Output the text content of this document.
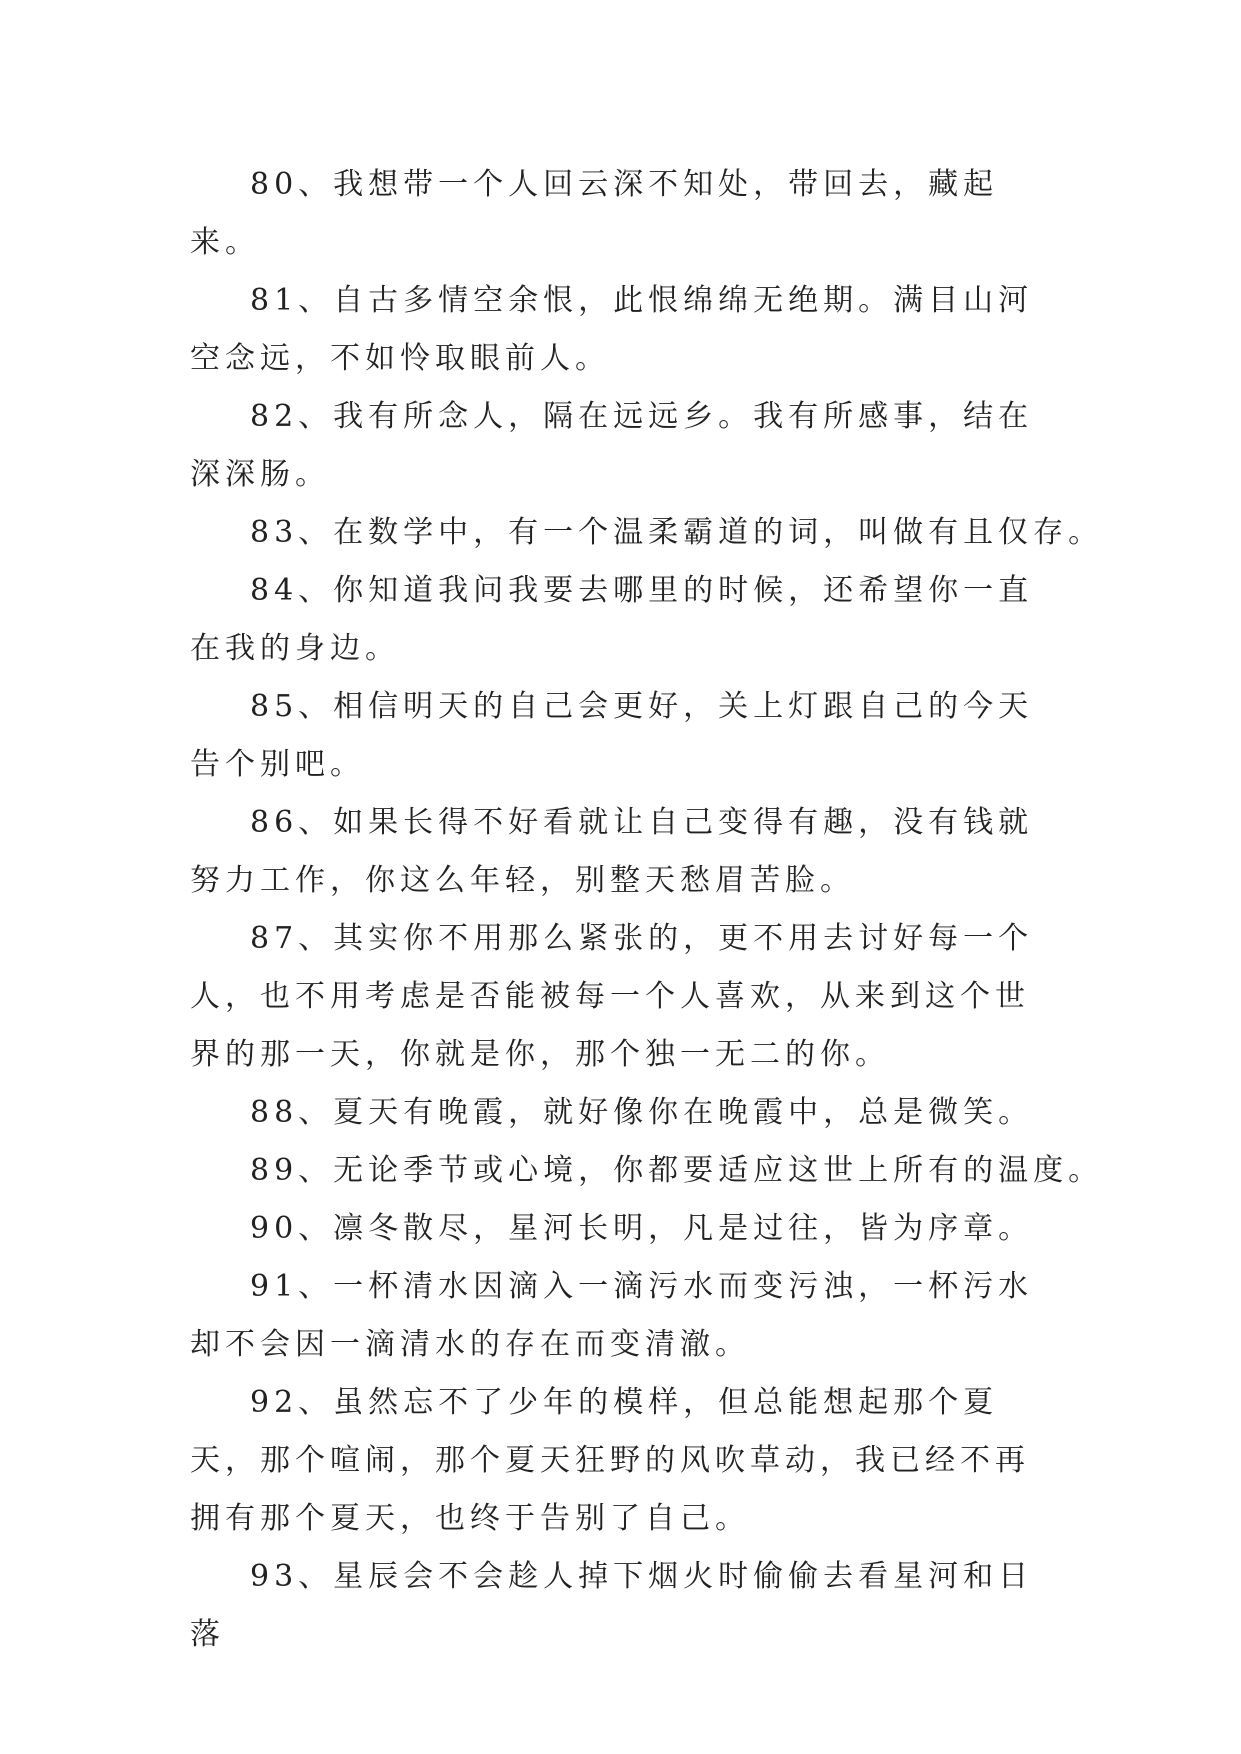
80、我想带一个人回云深不知处，带回去，藏起来。

81、自古多情空余恨，此恨绵绵无绝期。满目山河空念远，不如怜取眼前人。

82、我有所念人，隔在远远乡。我有所感事，结在深深肠。

83、在数学中，有一个温柔霸道的词，叫做有且仅存。

84、你知道我问我要去哪里的时候，还希望你一直在我的身边。

85、相信明天的自己会更好，关上灯跟自己的今天告个别吧。

86、如果长得不好看就让自己变得有趣，没有钱就努力工作，你这么年轻，别整天愁眉苦脸。

87、其实你不用那么紧张的，更不用去讨好每一个人，也不用考虑是否能被每一个人喜欢，从来到这个世界的那一天，你就是你，那个独一无二的你。

88、夏天有晚霞，就好像你在晚霞中，总是微笑。

89、无论季节或心境，你都要适应这世上所有的温度。

90、凛冬散尽，星河长明，凡是过往，皆为序章。

91、一杯清水因滴入一滴污水而变污浊，一杯污水却不会因一滴清水的存在而变清澈。

92、虽然忘不了少年的模样，但总能想起那个夏天，那个喧闹，那个夏天狂野的风吹草动，我已经不再拥有那个夏天，也终于告别了自己。

93、星辰会不会趁人掉下烟火时偷偷去看星河和日落
